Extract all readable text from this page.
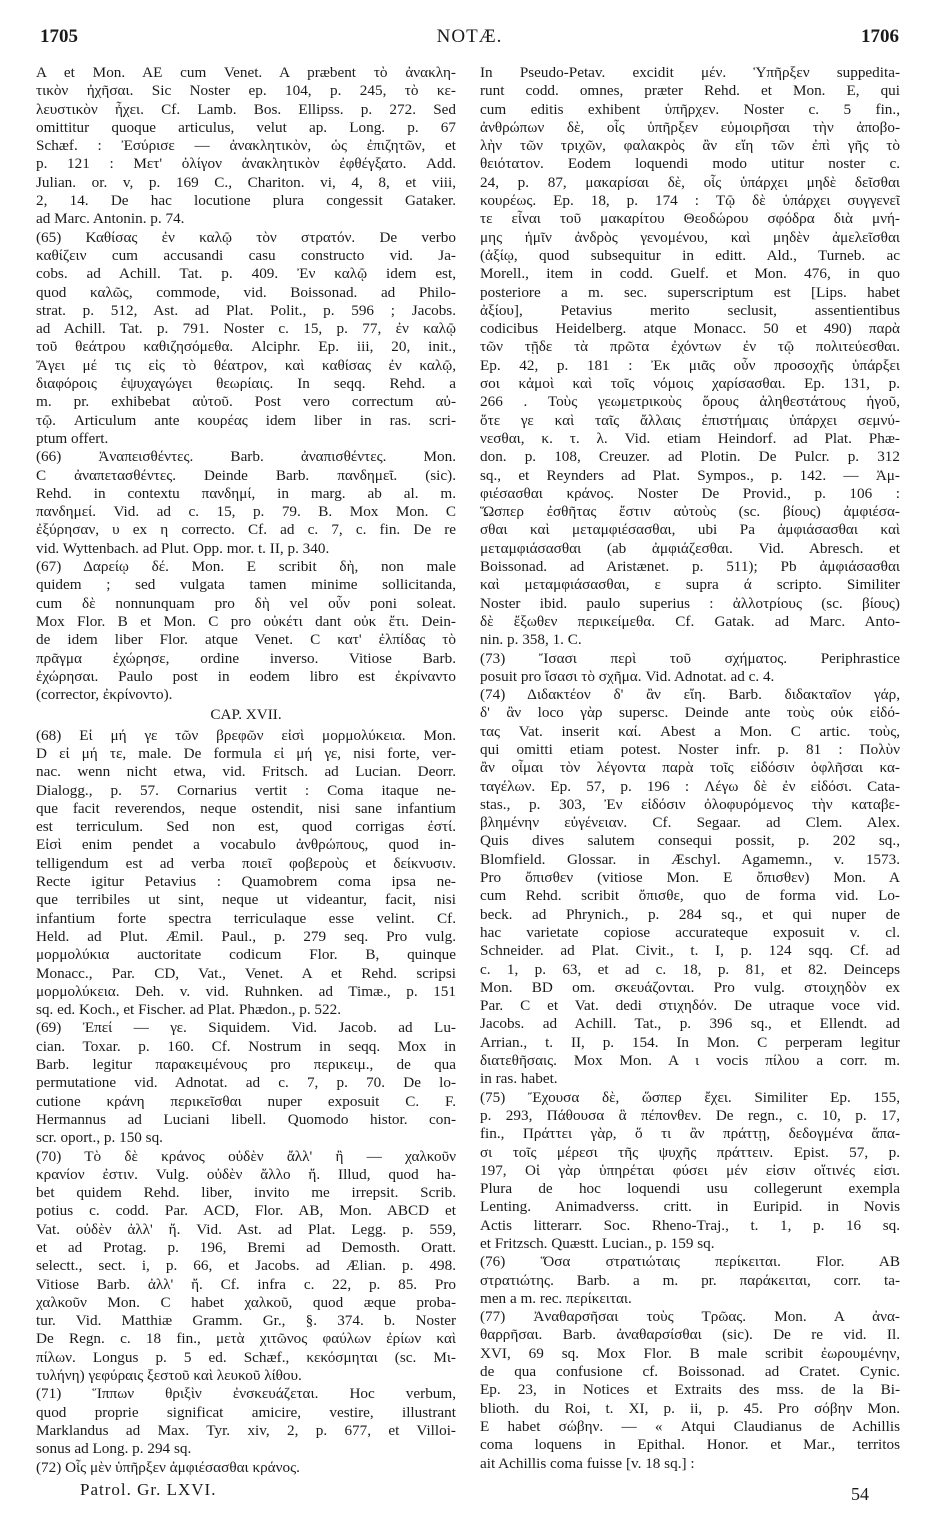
1705	NOTÆ.	1706
A et Mon. AE cum Venet. A præbent τὸ ἀνακλη-
τικὸν ἠχῆσαι. Sic Noster ep. 104, p. 245, τὸ κε-
λευστικὸν ἦχει. Cf. Lamb. Bos. Ellipss. p. 272. Sed
omittitur quoque articulus, velut ap. Long. p. 67
Schæf. : Ἐσύρισε — ἀνακλητικὸν, ὡς ἐπιζητῶν, et
p. 121 : Μετ' ὀλίγον ἀνακλητικὸν ἐφθέγξατο. Add.
Julian. or. v, p. 169 C., Chariton. vi, 4, 8, et viii,
2, 14. De hac locutione plura congessit Gataker.
ad Marc. Antonin. p. 74.
(65) Καθίσας ἐν καλῷ τὸν στρατόν. De verbo
καθίζειν cum accusandi casu constructo vid. Ja-
cobs. ad Achill. Tat. p. 409. Ἐν καλῷ idem est,
quod καλῶς, commode, vid. Boissonad. ad Philo-
strat. p. 512, Ast. ad Plat. Polit., p. 596 ; Jacobs.
ad Achill. Tat. p. 791. Noster c. 15, p. 77, ἐν καλῷ
τοῦ θεάτρου καθιζησόμεθα. Alciphr. Ep. iii, 20, init.,
Ἄγει μέ τις εἰς τὸ θέατρον, καὶ καθίσας ἐν καλῷ,
διαφόροις ἐψυχαγώγει θεωρίαις. In seqq. Rehd. a
m. pr. exhibebat αὐτοῦ. Post vero correctum αὐ-
τῷ. Articulum ante κουρέας idem liber in ras. scri-
ptum offert.
(66) Ἀναπεισθέντες. Barb. ἀναπισθέντες. Mon.
C ἀναπετασθέντες. Deinde Barb. πανδημεῖ. (sic).
Rehd. in contextu πανδημί, in marg. ab al. m.
πανδημεί. Vid. ad c. 15, p. 79. B. Mox Mon. C
ἐξύρησαν, υ ex η correcto. Cf. ad c. 7, c. fin. De re
vid. Wyttenbach. ad Plut. Opp. mor. t. II, p. 340.
(67) Δαρείῳ δέ. Mon. E scribit δὴ, non male
quidem ; sed vulgata tamen minime sollicitanda,
cum δὲ nonnunquam pro δὴ vel οὖν poni soleat.
Mox Flor. B et Mon. C pro οὐκέτι dant οὐκ ἔτι. Dein-
de idem liber Flor. atque Venet. C κατ' ἐλπίδας τὸ
πρᾶγμα ἐχώρησε, ordine inverso. Vitiose Barb.
ἐχώρησαι. Paulo post in eodem libro est ἐκρίναντο
(corrector, ἐκρίνοντο).
CAP. XVII.
(68) Εἰ μή γε τῶν βρεφῶν εἰσὶ μορμολύκεια. Mon.
D εἰ μή τε, male. De formula εἰ μή γε, nisi forte, ver-
nac. wenn nicht etwa, vid. Fritsch. ad Lucian. Deorr.
Dialogg., p. 57. Cornarius vertit : Coma itaque ne-
que facit reverendos, neque ostendit, nisi sane infantium
est terriculum. Sed non est, quod corrigas ἐστί.
Εἰσὶ enim pendet a vocabulo ἀνθρώπους, quod in-
telligendum est ad verba ποιεῖ φοβεροὺς et δείκνυσιν.
Recte igitur Petavius : Quamobrem coma ipsa ne-
que terribiles ut sint, neque ut videantur, facit, nisi
infantium forte spectra terriculaque esse velint. Cf.
Held. ad Plut. Æmil. Paul., p. 279 seq. Pro vulg.
μορμολύκια auctoritate codicum Flor. B, quinque
Monacc., Par. CD, Vat., Venet. A et Rehd. scripsi
μορμολύκεια. Deh. v. vid. Ruhnken. ad Timæ., p. 151
sq. ed. Koch., et Fischer. ad Plat. Phædon., p. 522.
(69) Ἐπεί — γε. Siquidem. Vid. Jacob. ad Lu-
cian. Toxar. p. 160. Cf. Nostrum in seqq. Mox in
Barb. legitur παρακειμένους pro περικειμ., de qua
permutatione vid. Adnotat. ad c. 7, p. 70. De lo-
cutione κράνη περικεῖσθαι nuper exposuit C. F.
Hermannus ad Luciani libell. Quomodo histor. con-
scr. oport., p. 150 sq.
(70) Τὸ δὲ κράνος οὐδὲν ἄλλ' ἢ — χαλκοῦν
κρανίον ἐστιν. Vulg. οὐδὲν ἄλλο ἤ. Illud, quod ha-
bet quidem Rehd. liber, invito me irrepsit. Scrib.
potius c. codd. Par. ACD, Flor. AB, Mon. ABCD et
Vat. οὐδὲν ἀλλ' ἤ. Vid. Ast. ad Plat. Legg. p. 559,
et ad Protag. p. 196, Bremi ad Demosth. Oratt.
selectt., sect. i, p. 66, et Jacobs. ad Ælian. p. 498.
Vitiose Barb. ἀλλ' ἤ. Cf. infra c. 22, p. 85. Pro
χαλκοῦν Mon. C habet χαλκοῦ, quod æque proba-
tur. Vid. Matthiæ Gramm. Gr., §. 374. b. Noster
De Regn. c. 18 fin., μετὰ χιτῶνος φαύλων ἐρίων καὶ
πίλων. Longus p. 5 ed. Schæf., κεκόσμηται (sc. Μι-
τυλήνη) γεφύραις ξεστοῦ καὶ λευκοῦ λίθου.
(71) Ἵππων θριξὶν ἐνσκευάζεται. Hoc verbum,
quod proprie significat amicire, vestire, illustrant
Marklandus ad Max. Tyr. xiv, 2, p. 677, et Villoi-
sonus ad Long. p. 294 sq.
(72) Οἷς μὲν ὑπῆρξεν ἀμφιέσασθαι κράνος.
In Pseudo-Petav. excidit μέν. Ὑπῆρξεν suppedita-
runt codd. omnes, præter Rehd. et Mon. E, qui
cum editis exhibent ὑπῆρχεν. Noster c. 5 fin.,
ἀνθρώπων δὲ, οἷς ὑπῆρξεν εὐμοιρῆσαι τὴν ἀποβο-
λὴν τῶν τριχῶν, φαλακρὸς ἂν εἴη τῶν ἐπὶ γῆς τὸ
θειότατον. Eodem loquendi modo utitur noster c.
24, p. 87, μακαρίσαι δὲ, οἷς ὑπάρχει μηδὲ δεῖσθαι
κουρέως. Ep. 18, p. 174 : Τῷ δὲ ὑπάρχει συγγενεῖ
τε εἶναι τοῦ μακαρίτου Θεοδώρου σφόδρα διὰ μνή-
μης ἡμῖν ἀνδρὸς γενομένου, καὶ μηδὲν ἀμελεῖσθαι
(ἀξίῳ, quod subsequitur in editt. Ald., Turneb. ac
Morell., item in codd. Guelf. et Mon. 476, in quo
posteriore a m. sec. superscriptum est [Lips. habet
ἀξίου], Petavius merito seclusit, assentientibus
codicibus Heidelberg. atque Monacc. 50 et 490) παρὰ
τῶν τῇδε τὰ πρῶτα ἐχόντων ἐν τῷ πολιτεύεσθαι.
Ep. 42, p. 181 : Ἐκ μιᾶς οὖν προσοχῆς ὑπάρξει
σοι κἀμοὶ καὶ τοῖς νόμοις χαρίσασθαι. Ep. 131, p.
266 . Τοὺς γεωμετρικοὺς ὅρους ἀληθεστάτους ἡγοῦ,
ὅτε γε καὶ ταῖς ἄλλαις ἐπιστήμαις ὑπάρχει σεμνύ-
νεσθαι, κ. τ. λ. Vid. etiam Heindorf. ad Plat. Phæ-
don. p. 108, Creuzer. ad Plotin. De Pulcr. p. 312
sq., et Reynders ad Plat. Sympos., p. 142. — Ἀμ-
φιέσασθαι κράνος. Noster De Provid., p. 106 :
Ὥσπερ ἐσθῆτας ἔστιν αὐτοὺς (sc. βίους) ἀμφιέσα-
σθαι καὶ μεταμφιέσασθαι, ubi Pa ἀμφιάσασθαι καὶ
μεταμφιάσασθαι (ab ἀμφιάζεσθαι. Vid. Abresch. et
Boissonad. ad Aristænet. p. 511); Pb ἀμφιάσασθαι
καὶ μεταμφιάσασθαι, ε supra ά scripto. Similiter
Noster ibid. paulo superius : ἀλλοτρίους (sc. βίους)
δὲ ἔξωθεν περικείμεθα. Cf. Gatak. ad Marc. Anto-
nin. p. 358, 1. C.
(73) Ἴσασι περὶ τοῦ σχήματος. Periphrastice
posuit pro ἴσασι τὸ σχῆμα. Vid. Adnotat. ad c. 4.
(74) Διδακτέον δ' ἂν εἴη. Barb. διδακταῖον γάρ,
δ' ἂν loco γὰρ supersc. Deinde ante τοὺς οὐκ εἰδό-
τας Vat. inserit καί. Abest a Mon. C artic. τοὺς,
qui omitti etiam potest. Noster infr. p. 81 : Πολὺν
ἂν οἶμαι τὸν λέγοντα παρὰ τοῖς εἰδόσιν ὀφλῆσαι κα-
ταγέλων. Ep. 57, p. 196 : Λέγω δὲ ἐν εἰδόσι. Cata-
stas., p. 303, Ἐν εἰδόσιν ὀλοφυρόμενος τὴν καταβε-
βλημένην εὐγένειαν. Cf. Segaar. ad Clem. Alex.
Quis dives salutem consequi possit, p. 202 sq.,
Blomfield. Glossar. in Æschyl. Agamemn., v. 1573.
Pro ὄπισθεν (vitiose Mon. E ὄπισθεν) Mon. A
cum Rehd. scribit ὄπισθε, quo de forma vid. Lo-
beck. ad Phrynich., p. 284 sq., et qui nuper de
hac varietate copiose accurateque exposuit v. cl.
Schneider. ad Plat. Civit., t. I, p. 124 sqq. Cf. ad
c. 1, p. 63, et ad c. 18, p. 81, et 82. Deinceps
Mon. BD om. σκευάζονται. Pro vulg. στοιχηδὸν ex
Par. C et Vat. dedi στιχηδόν. De utraque voce vid.
Jacobs. ad Achill. Tat., p. 396 sq., et Ellendt. ad
Arrian., t. II, p. 154. In Mon. C perperam legitur
διατεθῆσαις. Mox Mon. A ι vocis πίλου a corr. m.
in ras. habet.
(75) Ἔχουσα δὲ, ὥσπερ ἔχει. Similiter Ep. 155,
p. 293, Πάθουσα ἃ πέπονθεν. De regn., c. 10, p. 17,
fin., Πράττει γὰρ, ὅ τι ἂν πράττῃ, δεδογμένα ἅπα-
σι τοῖς μέρεσι τῆς ψυχῆς πράττειν. Epist. 57, p.
197, Οἱ γὰρ ὑπηρέται φύσει μέν εἰσιν οἵτινές εἰσι.
Plura de hoc loquendi usu collegerunt exempla
Lenting. Animadverss. critt. in Euripid. in Novis
Actis litterarr. Soc. Rheno-Traj., t. 1, p. 16 sq.
et Fritzsch. Quæstt. Lucian., p. 159 sq.
(76) Ὅσα στρατιώταις περίκειται. Flor. AB
στρατιώτης. Barb. a m. pr. παράκειται, corr. ta-
men a m. rec. περίκειται.
(77) Ἀναθαρσῆσαι τοὺς Τρῶας. Mon. A ἀνα-
θαρρῆσαι. Barb. ἀναθαρσίσθαι (sic). De re vid. Il.
XVI, 69 sq. Mox Flor. B male scribit ἐωρουμένην,
de qua confusione cf. Boissonad. ad Cratet. Cynic.
Ep. 23, in Notices et Extraits des mss. de la Bi-
blioth. du Roi, t. XI, p. ii, p. 45. Pro σόβην Mon.
E habet σώβην. — « Atqui Claudianus de Achillis
coma loquens in Epithal. Honor. et Mar., territos
ait Achillis coma fuisse [v. 18 sq.] :
Patrol. Gr. LXVI.	54
